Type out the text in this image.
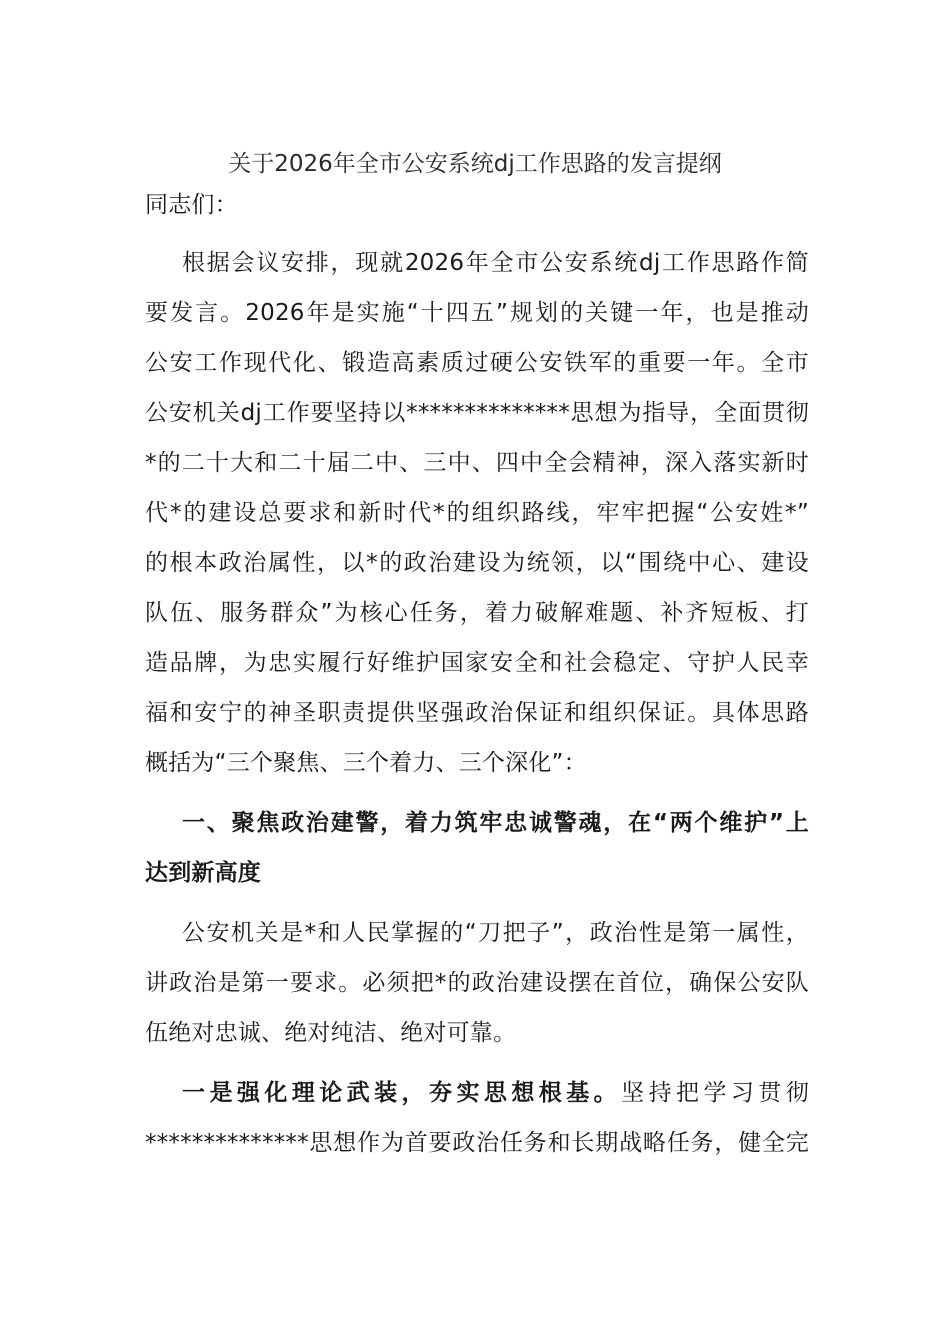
关于2026年全市公安系统dj工作思路的发言提纲

同志们：

根据会议安排，现就2026年全市公安系统dj工作思路作简
要发言。2026年是实施“十四五”规划的关键一年，也是推动
公安工作现代化、锻造高素质过硬公安铁军的重要一年。全市
公安机关dj工作要坚持以**************思想为指导，全面贯彻
*的二十大和二十届二中、三中、四中全会精神，深入落实新时
代*的建设总要求和新时代*的组织路线，牢牢把握“公安姓*”
的根本政治属性，以*的政治建设为统领，以“围绕中心、建设
队伍、服务群众”为核心任务，着力破解难题、补齐短板、打
造品牌，为忠实履行好维护国家安全和社会稳定、守护人民幸
福和安宁的神圣职责提供坚强政治保证和组织保证。具体思路
概括为“三个聚焦、三个着力、三个深化”：

一、聚焦政治建警，着力筑牢忠诚警魂，在“两个维护”上
达到新高度

公安机关是*和人民掌握的“刀把子”，政治性是第一属性，
讲政治是第一要求。必须把*的政治建设摆在首位，确保公安队
伍绝对忠诚、绝对纯洁、绝对可靠。

一是强化理论武装，夯实思想根基。坚持把学习贯彻
**************思想作为首要政治任务和长期战略任务，健全完
